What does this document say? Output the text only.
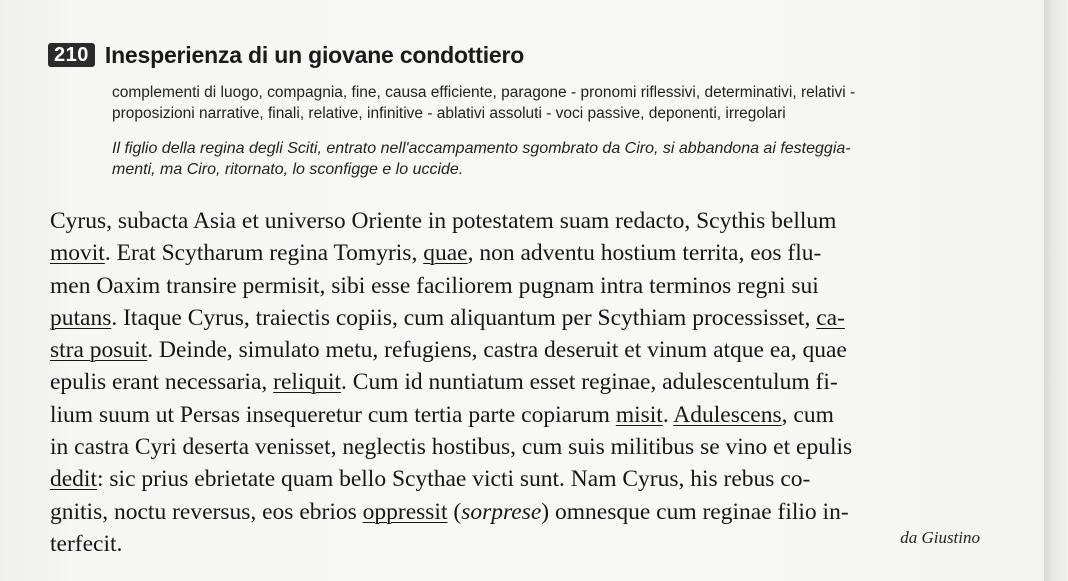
210 Inesperienza di un giovane condottiero
complementi di luogo, compagnia, fine, causa efficiente, paragone - pronomi riflessivi, determinativi, relativi -
proposizioni narrative, finali, relative, infinitive - ablativi assoluti - voci passive, deponenti, irregolari
Il figlio della regina degli Sciti, entrato nell'accampamento sgombrato da Ciro, si abbandona ai festeggia-
menti, ma Ciro, ritornato, lo sconfigge e lo uccide.
Cyrus, subacta Asia et universo Oriente in potestatem suam redacto, Scythis bellum
movit. Erat Scytharum regina Tomyris, quae, non adventu hostium territa, eos flu-
men Oaxim transire permisit, sibi esse faciliorem pugnam intra terminos regni sui
putans. Itaque Cyrus, traiectis copiis, cum aliquantum per Scythiam processisset, ca-
stra posuit. Deinde, simulato metu, refugiens, castra deseruit et vinum atque ea, quae
epulis erant necessaria, reliquit. Cum id nuntiatum esset reginae, adulescentulum fi-
lium suum ut Persas insequeretur cum tertia parte copiarum misit. Adulescens, cum
in castra Cyri deserta venisset, neglectis hostibus, cum suis militibus se vino et epulis
dedit: sic prius ebrietate quam bello Scythae victi sunt. Nam Cyrus, his rebus co-
gnitis, noctu reversus, eos ebrios oppressit (sorprese) omnesque cum reginae filio in-
terfecit.	da Giustino
